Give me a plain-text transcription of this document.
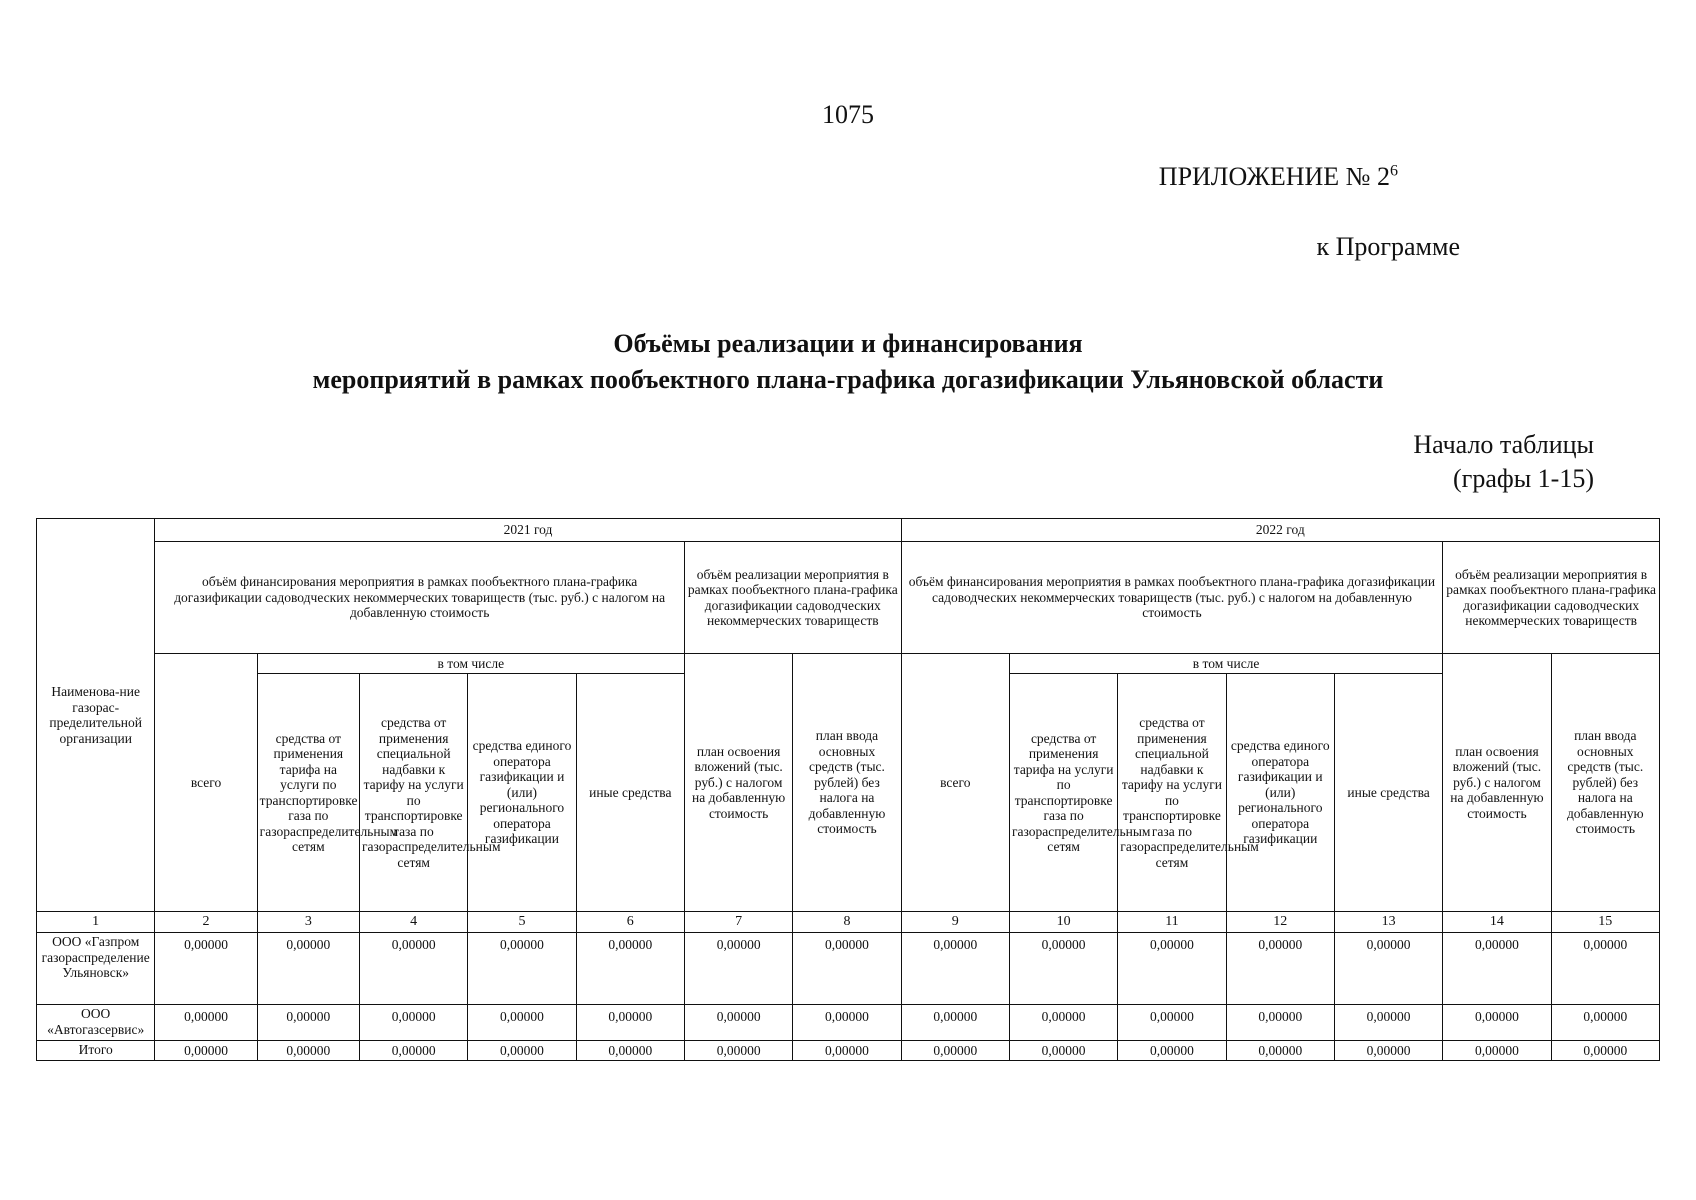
1075
ПРИЛОЖЕНИЕ № $2^6$
к Программе
Объёмы реализации и финансирования
мероприятий в рамках пообъектного плана-графика догазификации Ульяновской области
Начало таблицы
(графы 1-15)
Наименова-ние газорас-пределительной организации	2021 год							2022 год						
	объём финансирования мероприятия в рамках пообъектного плана-графика догазификации садоводческих некоммерческих товариществ (тыс. руб.) с налогом на добавленную стоимость					объём реализации мероприятия в рамках пообъектного плана-графика догазификации садоводческих некоммерческих товариществ		объём финансирования мероприятия в рамках пообъектного плана-графика догазификации садоводческих некоммерческих товариществ (тыс. руб.) с налогом на добавленную стоимость					объём реализации мероприятия в рамках пообъектного плана-графика догазификации садоводческих некоммерческих товариществ	
	всего	в том числе				план освоения вложений (тыс. руб.) с налогом на добавленную стоимость	план ввода основных средств (тыс. рублей) без налога на добавленную стоимость	всего	в том числе				план освоения вложений (тыс. руб.) с налогом на добавленную стоимость	план ввода основных средств (тыс. рублей) без налога на добавленную стоимость
		средства от применения тарифа на услуги по транспортировке газа по газораспределительным сетям	средства от применения специальной надбавки к тарифу на услуги по транспортировке газа по газораспределительным сетям	средства единого оператора газификации и (или) регионального оператора газификации	иные средства				средства от применения тарифа на услуги по транспортировке газа по газораспределительным сетям	средства от применения специальной надбавки к тарифу на услуги по транспортировке газа по газораспределительным сетям	средства единого оператора газификации и (или) регионального оператора газификации	иные средства		
1	2	3	4	5	6	7	8	9	10	11	12	13	14	15
ООО «Газпром газораспределение Ульяновск»	0,00000	0,00000	0,00000	0,00000	0,00000	0,00000	0,00000	0,00000	0,00000	0,00000	0,00000	0,00000	0,00000	0,00000
ООО «Автогазсервис»	0,00000	0,00000	0,00000	0,00000	0,00000	0,00000	0,00000	0,00000	0,00000	0,00000	0,00000	0,00000	0,00000	0,00000
Итого	0,00000	0,00000	0,00000	0,00000	0,00000	0,00000	0,00000	0,00000	0,00000	0,00000	0,00000	0,00000	0,00000	0,00000
